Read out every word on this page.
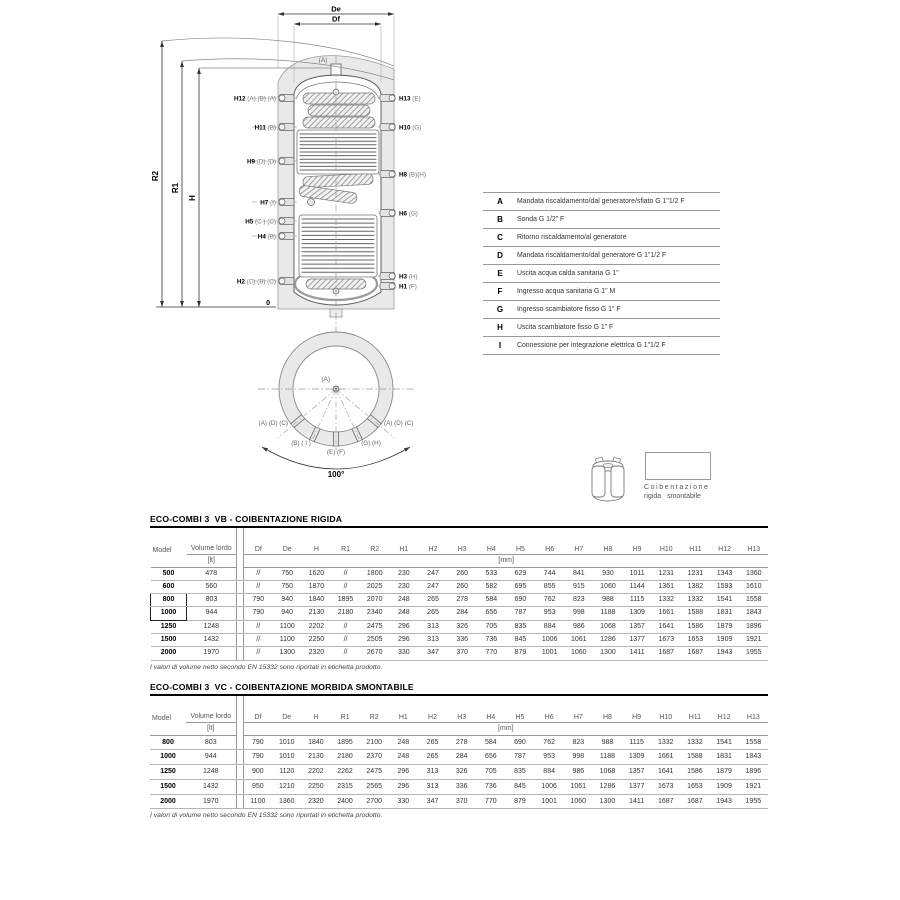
(A)
De
Df
R2
R1
H
0
H12 (A) (B) (A)
H11 (B)
H9 (D) (D)
H7 (I)
H5 (C ) (C)
H4 (B)
H2 (C) (B) (C)
H13 (E)
H10 (G)
H8 (B)(H)
H6 (G)
H3 (H)
H1 (F)
(A)
100°
(A) (D) (C)
(B) ( I )
(E) (F)
(G) (H)
(A) (D) (C)
A	Mandata riscaldamento/dal generatore/sfiato G 1"1/2 F
B	Sonda G 1/2" F
C	Ritorno riscaldamento/al generatore
D	Mandata riscaldamento/dal generatore G 1"1/2 F
E	Uscita acqua calda sanitaria G 1"
F	Ingresso acqua sanitaria G 1" M
G	Ingresso scambiatore fisso G 1" F
H	Uscita scambiatore fisso G 1" F
I	Connessione per integrazione elettrica G 1"1/2 F
Coibentazione
rigida smontabile
ECO-COMBI 3  VB - COIBENTAZIONE RIGIDA
Model	Volume lordo		Df	De	H	R1	R2	H1	H2	H3	H4	H5	H6	H7	H8	H9	H10	H11	H12	H13
	[lt]		[mm]																	
500	478		//	750	1620	//	1800	230	247	260	533	629	744	841	930	1011	1231	1231	1343	1360
600	560		//	750	1870	//	2025	230	247	260	582	695	855	915	1060	1144	1361	1382	1593	1610
800	803		790	940	1840	1895	2070	248	265	278	584	690	762	823	988	1115	1332	1332	1541	1558
1000	944		790	940	2130	2180	2340	248	265	284	656	787	953	998	1188	1309	1661	1588	1831	1843
1250	1248		//	1100	2202	//	2475	296	313	326	705	835	884	986	1068	1357	1641	1586	1879	1896
1500	1432		//	1100	2250	//	2505	296	313	336	736	845	1006	1061	1286	1377	1673	1653	1909	1921
2000	1970		//	1300	2320	//	2670	330	347	370	770	879	1001	1060	1300	1411	1687	1687	1943	1955
I valori di volume netto secondo EN 15332 sono riportati in etichetta prodotto.
ECO-COMBI 3  VC - COIBENTAZIONE MORBIDA SMONTABILE
Model	Volume lordo		Df	De	H	R1	R2	H1	H2	H3	H4	H5	H6	H7	H8	H9	H10	H11	H12	H13
	[lt]		[mm]																	
800	803		790	1010	1840	1895	2100	248	265	278	584	690	762	823	988	1115	1332	1332	1541	1558
1000	944		790	1010	2130	2180	2370	248	265	284	656	787	953	998	1188	1309	1661	1588	1831	1843
1250	1248		900	1120	2202	2262	2475	296	313	326	705	835	884	986	1068	1357	1641	1586	1879	1896
1500	1432		950	1210	2250	2315	2565	296	313	336	736	845	1006	1061	1286	1377	1673	1653	1909	1921
2000	1970		1100	1360	2320	2400	2700	330	347	370	770	879	1001	1060	1300	1411	1687	1687	1943	1955
I valori di volume netto secondo EN 15332 sono riportati in etichetta prodotto.
